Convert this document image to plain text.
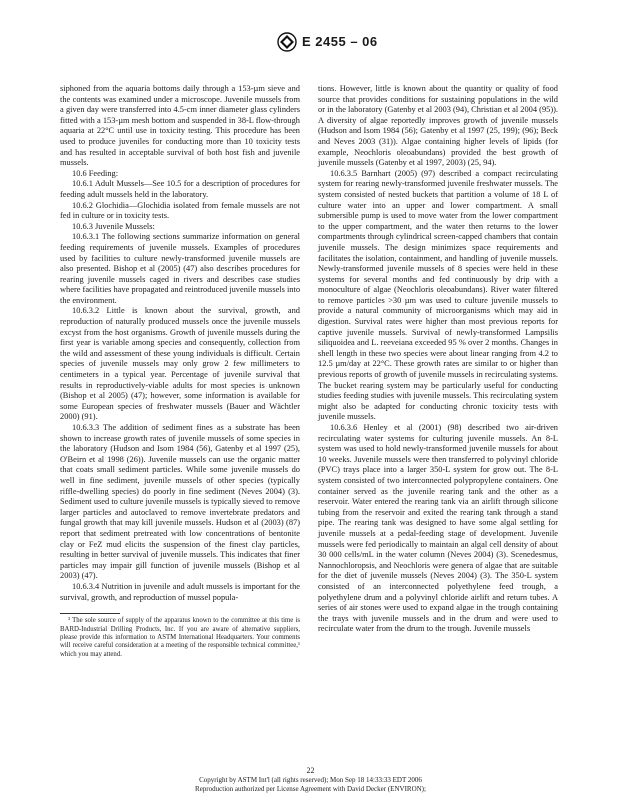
E 2455 – 06

siphoned from the aquaria bottoms daily through a 153-µm sieve and the contents was examined under a microscope. Juvenile mussels from a given day were transferred into 4.5-cm inner diameter glass cylinders fitted with a 153-µm mesh bottom and suspended in 38-L flow-through aquaria at 22°C until use in toxicity testing. This procedure has been used to produce juveniles for conducting more than 10 toxicity tests and has resulted in acceptable survival of both host fish and juvenile mussels.

10.6 Feeding:

10.6.1 Adult Mussels—See 10.5 for a description of procedures for feeding adult mussels held in the laboratory.

10.6.2 Glochidia—Glochidia isolated from female mussels are not fed in culture or in toxicity tests.

10.6.3 Juvenile Mussels:

10.6.3.1 The following sections summarize information on general feeding requirements of juvenile mussels. Examples of procedures used by facilities to culture newly-transformed juvenile mussels are also presented. Bishop et al (2005) (47) also describes procedures for rearing juvenile mussels caged in rivers and describes case studies where facilities have propagated and reintroduced juvenile mussels into the environment.

10.6.3.2 Little is known about the survival, growth, and reproduction of naturally produced mussels once the juvenile mussels excyst from the host organisms. Growth of juvenile mussels during the first year is variable among species and consequently, collection from the wild and assessment of these young individuals is difficult. Certain species of juvenile mussels may only grow 2 few millimeters to centimeters in a typical year. Percentage of juvenile survival that results in reproductively-viable adults for most species is unknown (Bishop et al 2005) (47); however, some information is available for some European species of freshwater mussels (Bauer and Wächtler 2000) (91).

10.6.3.3 The addition of sediment fines as a substrate has been shown to increase growth rates of juvenile mussels of some species in the laboratory (Hudson and Isom 1984 (56), Gatenby et al 1997 (25), O'Beirn et al 1998 (26)). Juvenile mussels can use the organic matter that coats small sediment particles. While some juvenile mussels do well in fine sediment, juvenile mussels of other species (typically riffle-dwelling species) do poorly in fine sediment (Neves 2004) (3). Sediment used to culture juvenile mussels is typically sieved to remove larger particles and autoclaved to remove invertebrate predators and fungal growth that may kill juvenile mussels. Hudson et al (2003) (87) report that sediment pretreated with low concentrations of bentonite clay or FeZ mud elicits the suspension of the finest clay particles, resulting in better survival of juvenile mussels. This indicates that finer particles may impair gill function of juvenile mussels (Bishop et al 2003) (47).

10.6.3.4 Nutrition in juvenile and adult mussels is important for the survival, growth, and reproduction of mussel popula-

³ The sole source of supply of the apparatus known to the committee at this time is BARD-Industrial Drilling Products, Inc. If you are aware of alternative suppliers, please provide this information to ASTM International Headquarters. Your comments will receive careful consideration at a meeting of the responsible technical committee,¹ which you may attend.

tions. However, little is known about the quantity or quality of food source that provides conditions for sustaining populations in the wild or in the laboratory (Gatenby et al 2003 (94), Christian et al 2004 (95)). A diversity of algae reportedly improves growth of juvenile mussels (Hudson and Isom 1984 (56); Gatenby et al 1997 (25, 199); (96); Beck and Neves 2003 (31)). Algae containing higher levels of lipids (for example, Neochloris oleoabundans) provided the best growth of juvenile mussels (Gatenby et al 1997, 2003) (25, 94).

10.6.3.5 Barnhart (2005) (97) described a compact recirculating system for rearing newly-transformed juvenile freshwater mussels. The system consisted of nested buckets that partition a volume of 18 L of culture water into an upper and lower compartment. A small submersible pump is used to move water from the lower compartment to the upper compartment, and the water then returns to the lower compartments through cylindrical screen-capped chambers that contain juvenile mussels. The design minimizes space requirements and facilitates the isolation, containment, and handling of juvenile mussels. Newly-transformed juvenile mussels of 8 species were held in these systems for several months and fed continuously by drip with a monoculture of algae (Neochloris oleoabundans). River water filtered to remove particles >30 µm was used to culture juvenile mussels to provide a natural community of microorganisms which may aid in digestion. Survival rates were higher than most previous reports for captive juvenile mussels. Survival of newly-transformed Lampsilis siliquoidea and L. reeveiana exceeded 95 % over 2 months. Changes in shell length in these two species were about linear ranging from 4.2 to 12.5 µm/day at 22°C. These growth rates are similar to or higher than previous reports of growth of juvenile mussels in recirculating systems. The bucket rearing system may be particularly useful for conducting studies feeding studies with juvenile mussels. This recirculating system might also be adapted for conducting chronic toxicity tests with juvenile mussels.

10.6.3.6 Henley et al (2001) (98) described two air-driven recirculating water systems for culturing juvenile mussels. An 8-L system was used to hold newly-transformed juvenile mussels for about 10 weeks. Juvenile mussels were then transferred to polyvinyl chloride (PVC) trays place into a larger 350-L system for grow out. The 8-L system consisted of two interconnected polypropylene containers. One container served as the juvenile rearing tank and the other as a reservoir. Water entered the rearing tank via an airlift through silicone tubing from the reservoir and exited the rearing tank through a stand pipe. The rearing tank was designed to have some algal settling for juvenile mussels at a pedal-feeding stage of development. Juvenile mussels were fed periodically to maintain an algal cell density of about 30 000 cells/mL in the water column (Neves 2004) (3). Scenedesmus, Nannochloropsis, and Neochloris were genera of algae that are suitable for the diet of juvenile mussels (Neves 2004) (3). The 350-L system consisted of an interconnected polyethylene feed trough, a polyethylene drum and a polyvinyl chloride airlift and return tubes. A series of air stones were used to expand algae in the trough containing the trays with juvenile mussels and in the drum and were used to recirculate water from the drum to the trough. Juvenile mussels

22
Copyright by ASTM Int'l (all rights reserved); Mon Sep 18 14:33:33 EDT 2006
Reproduction authorized per License Agreement with David Decker (ENVIRON);
